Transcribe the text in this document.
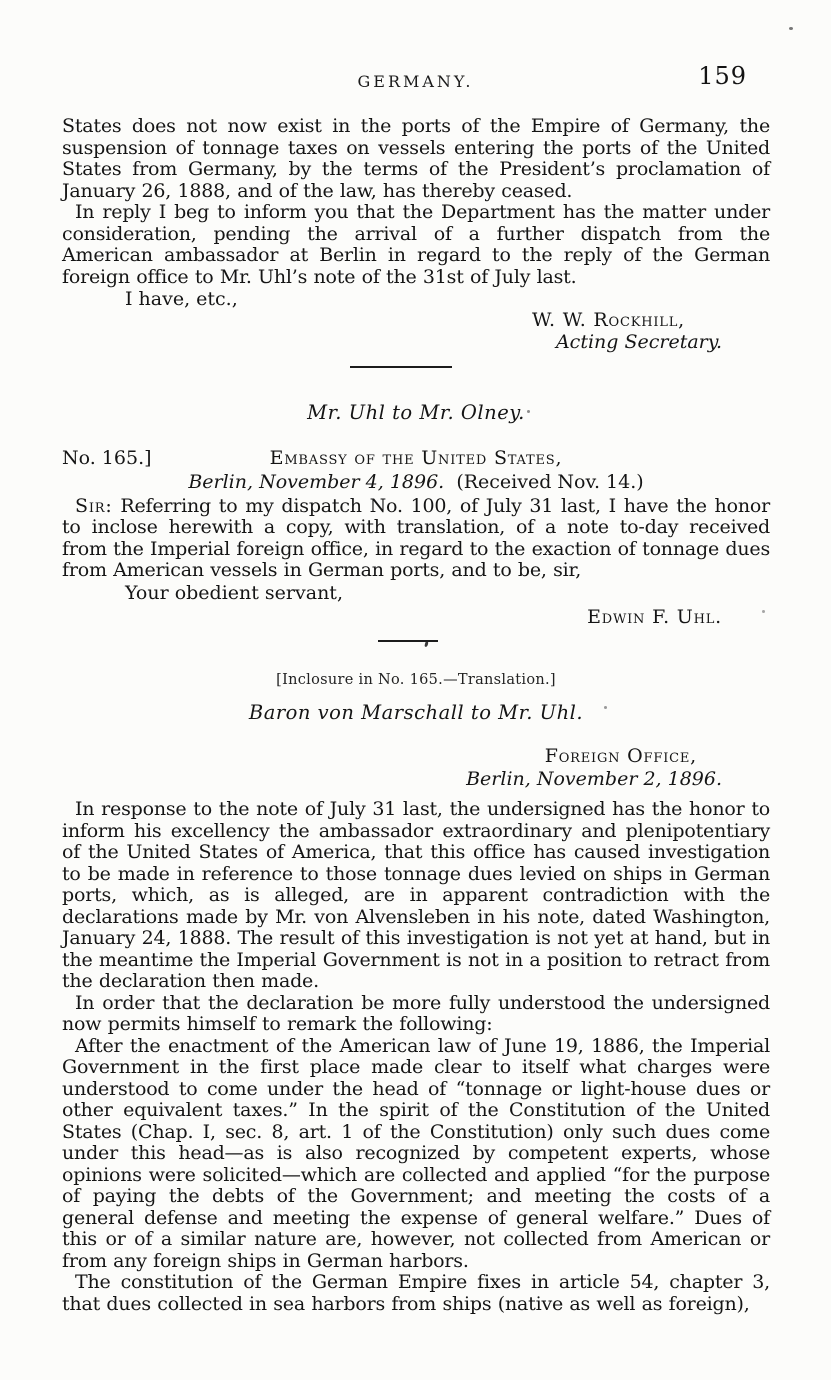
GERMANY.	159

States does not now exist in the ports of the Empire of Germany, the suspension of tonnage taxes on vessels entering the ports of the United States from Germany, by the terms of the President’s proclamation of January 26, 1888, and of the law, has thereby ceased.

In reply I beg to inform you that the Department has the matter under consideration, pending the arrival of a further dispatch from the American ambassador at Berlin in regard to the reply of the German foreign office to Mr. Uhl’s note of the 31st of July last.

I have, etc.,

W. W. Rockhill,
Acting Secretary.
Mr. Uhl to Mr. Olney.
No. 165.]	Embassy of the United States,
Berlin, November 4, 1896. (Received Nov. 14.)

Sir: Referring to my dispatch No. 100, of July 31 last, I have the honor to inclose herewith a copy, with translation, of a note to-day received from the Imperial foreign office, in regard to the exaction of tonnage dues from American vessels in German ports, and to be, sir,

Your obedient servant,

Edwin F. Uhl.
[Inclosure in No. 165.—Translation.]
Baron von Marschall to Mr. Uhl.
Foreign Office,
Berlin, November 2, 1896.

In response to the note of July 31 last, the undersigned has the honor to inform his excellency the ambassador extraordinary and plenipotentiary of the United States of America, that this office has caused investigation to be made in reference to those tonnage dues levied on ships in German ports, which, as is alleged, are in apparent contradiction with the declarations made by Mr. von Alvensleben in his note, dated Washington, January 24, 1888. The result of this investigation is not yet at hand, but in the meantime the Imperial Government is not in a position to retract from the declaration then made.

In order that the declaration be more fully understood the undersigned now permits himself to remark the following:

After the enactment of the American law of June 19, 1886, the Imperial Government in the first place made clear to itself what charges were understood to come under the head of “tonnage or light-house dues or other equivalent taxes.” In the spirit of the Constitution of the United States (Chap. I, sec. 8, art. 1 of the Constitution) only such dues come under this head—as is also recognized by competent experts, whose opinions were solicited—which are collected and applied “for the purpose of paying the debts of the Government; and meeting the costs of a general defense and meeting the expense of general welfare.” Dues of this or of a similar nature are, however, not collected from American or from any foreign ships in German harbors.

The constitution of the German Empire fixes in article 54, chapter 3, that dues collected in sea harbors from ships (native as well as foreign),
